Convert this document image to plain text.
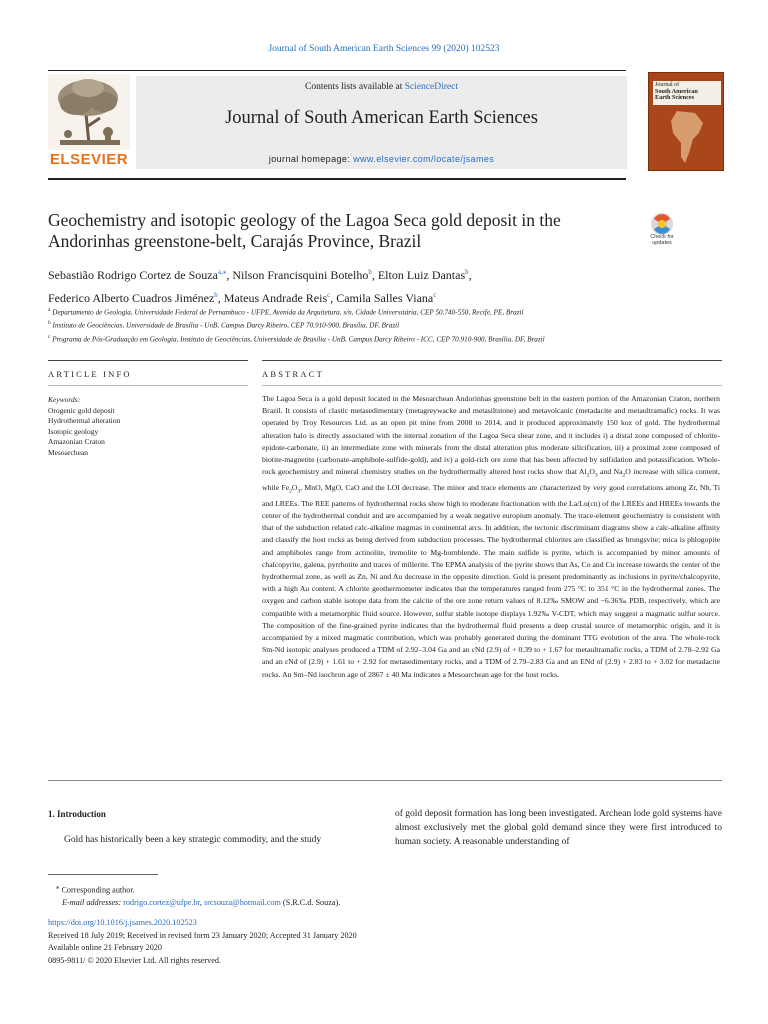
Journal of South American Earth Sciences 99 (2020) 102523
ELSEVIER
Contents lists available at ScienceDirect
Journal of South American Earth Sciences
journal homepage: www.elsevier.com/locate/jsames
Journal of
South American
Earth Sciences
Geochemistry and isotopic geology of the Lagoa Seca gold deposit in the Andorinhas greenstone-belt, Carajás Province, Brazil	Check for updates
Sebastião Rodrigo Cortez de Souza$^{a,⁎}$, Nilson Francisquini Botelho$^b$, Elton Luiz Dantas$^b$,
Federico Alberto Cuadros Jiménez$^b$, Mateus Andrade Reis$^c$, Camila Salles Viana$^c$
$^a$ Departamento de Geologia, Universidade Federal de Pernambuco - UFPE, Avenida da Arquitetura, s/n, Cidade Universitária, CEP 50.740-550, Recife, PE, Brazil
$^b$ Instituto de Geociências, Universidade de Brasília - UnB, Campus Darcy Ribeiro, CEP 70.910-900, Brasília, DF, Brazil
$^c$ Programa de Pós-Graduação em Geologia, Instituto de Geociências, Universidade de Brasília - UnB, Campus Darcy Ribeiro - ICC, CEP 70.910-900, Brasília, DF, Brazil
ARTICLE INFO	ABSTRACT
Keywords:
Orogenic gold deposit
Hydrothermal alteration
Isotopic geology
Amazonian Craton
Mesoarchean
The Lagoa Seca is a gold deposit located in the Mesoarchean Andorinhas greenstone belt in the eastern portion of the Amazonian Craton, northern Brazil. It consists of clastic metasedimentary (metagreywacke and metasiltstone) and metavolcanic (metadacite and metaultramafic) rocks. It was operated by Troy Resources Ltd. as an open pit mine from 2008 to 2014, and it produced approximately 150 koz of gold. The hydrothermal alteration halo is directly associated with the internal zonation of the Lagoa Seca shear zone, and it includes i) a distal zone composed of chlorite-epidote-carbonate, ii) an intermediate zone with minerals from the distal alteration plus moderate silicification, iii) a proximal zone composed of biotite-magnetite (carbonate-amphibole-sulfide-gold), and iv) a gold-rich ore zone that has been affected by sulfidation and potassification. Whole-rock geochemistry and mineral chemistry studies on the hydrothermally altered host rocks show that $Al_2O_3$ and $Na_2O$ increase with silica content, while $Fe_2O_3$, MnO, MgO, CaO and the LOI decrease. The minor and trace elements are characterized by very good correlations among Zr, Nb, Ti and LREEs. The REE patterns of hydrothermal rocks show high to moderate fractionation with the La/Lu(cn) of the LREEs and HREEs towards the center of the hydrothermal conduit and are accompanied by a weak negative europium anomaly. The trace-element geochemistry is consistent with that of the subduction related calc-alkaline magmas in continental arcs. In addition, the tectonic discriminant diagrams show a calc-alkaline affinity and classify the host rocks as being derived from subduction processes. The hydrothermal chlorites are classified as brungsvite; mica is phlogopite and amphiboles range from actinolite, tremolite to Mg-hornblende. The main sulfide is pyrite, which is accompanied by minor amounts of chalcopyrite, galena, pyrrhotite and traces of millerite. The EPMA analysis of the pyrite shows that As, Co and Cu increase towards the center of the hydrothermal zone, as well as Zn, Ni and Au decrease in the opposite direction. Gold is present predominantly as inclusions in pyrite/chalcopyrite, with a high Au content. A chlorite geothermometer indicates that the temperatures ranged from 275 °C to 351 °C in the hydrothermal zones. The oxygen and carbon stable isotope data from the calcite of the ore zone return values of 8.12‰ SMOW and −6.36‰ PDB, respectively, which are compatible with a metamorphic fluid source. However, sulfur stable isotope displays 1.92‰ V-CDT, which may suggest a magmatic sulfur source. The composition of the fine-grained pyrite indicates that the hydrothermal fluid presents a deep crustal source of metamorphic origin, and it is accompanied by a mixed magmatic contribution, which was probably generated during the dominant TTG evolution of the area. The whole-rock Sm-Nd isotopic analyses produced a TDM of 2.92–3.04 Ga and an εNd (2.9) of + 0.39 to + 1.67 for metaultramafic rocks, a TDM of 2.78–2.92 Ga and an εNd of (2.9) + 1.61 to + 2.92 for metasedimentary rocks, and a TDM of 2.79–2.83 Ga and an ENd of (2.9) + 2.83 to + 3.02 for metadacite rocks. An Sm–Nd isochron age of 2867 ± 40 Ma indicates a Mesoarchean age for the host rocks.
1. Introduction
Gold has historically been a key strategic commodity, and the study
of gold deposit formation has long been investigated. Archean lode gold systems have almost exclusively met the global gold demand since they were first introduced to human society. A reasonable understanding of
⁎ Corresponding author.
E-mail addresses: rodrigo.cortez@ufpe.br, srcsouza@hotmail.com (S.R.C.d. Souza).
https://doi.org/10.1016/j.jsames.2020.102523
Received 18 July 2019; Received in revised form 23 January 2020; Accepted 31 January 2020
Available online 21 February 2020
0895-9811/ © 2020 Elsevier Ltd. All rights reserved.
